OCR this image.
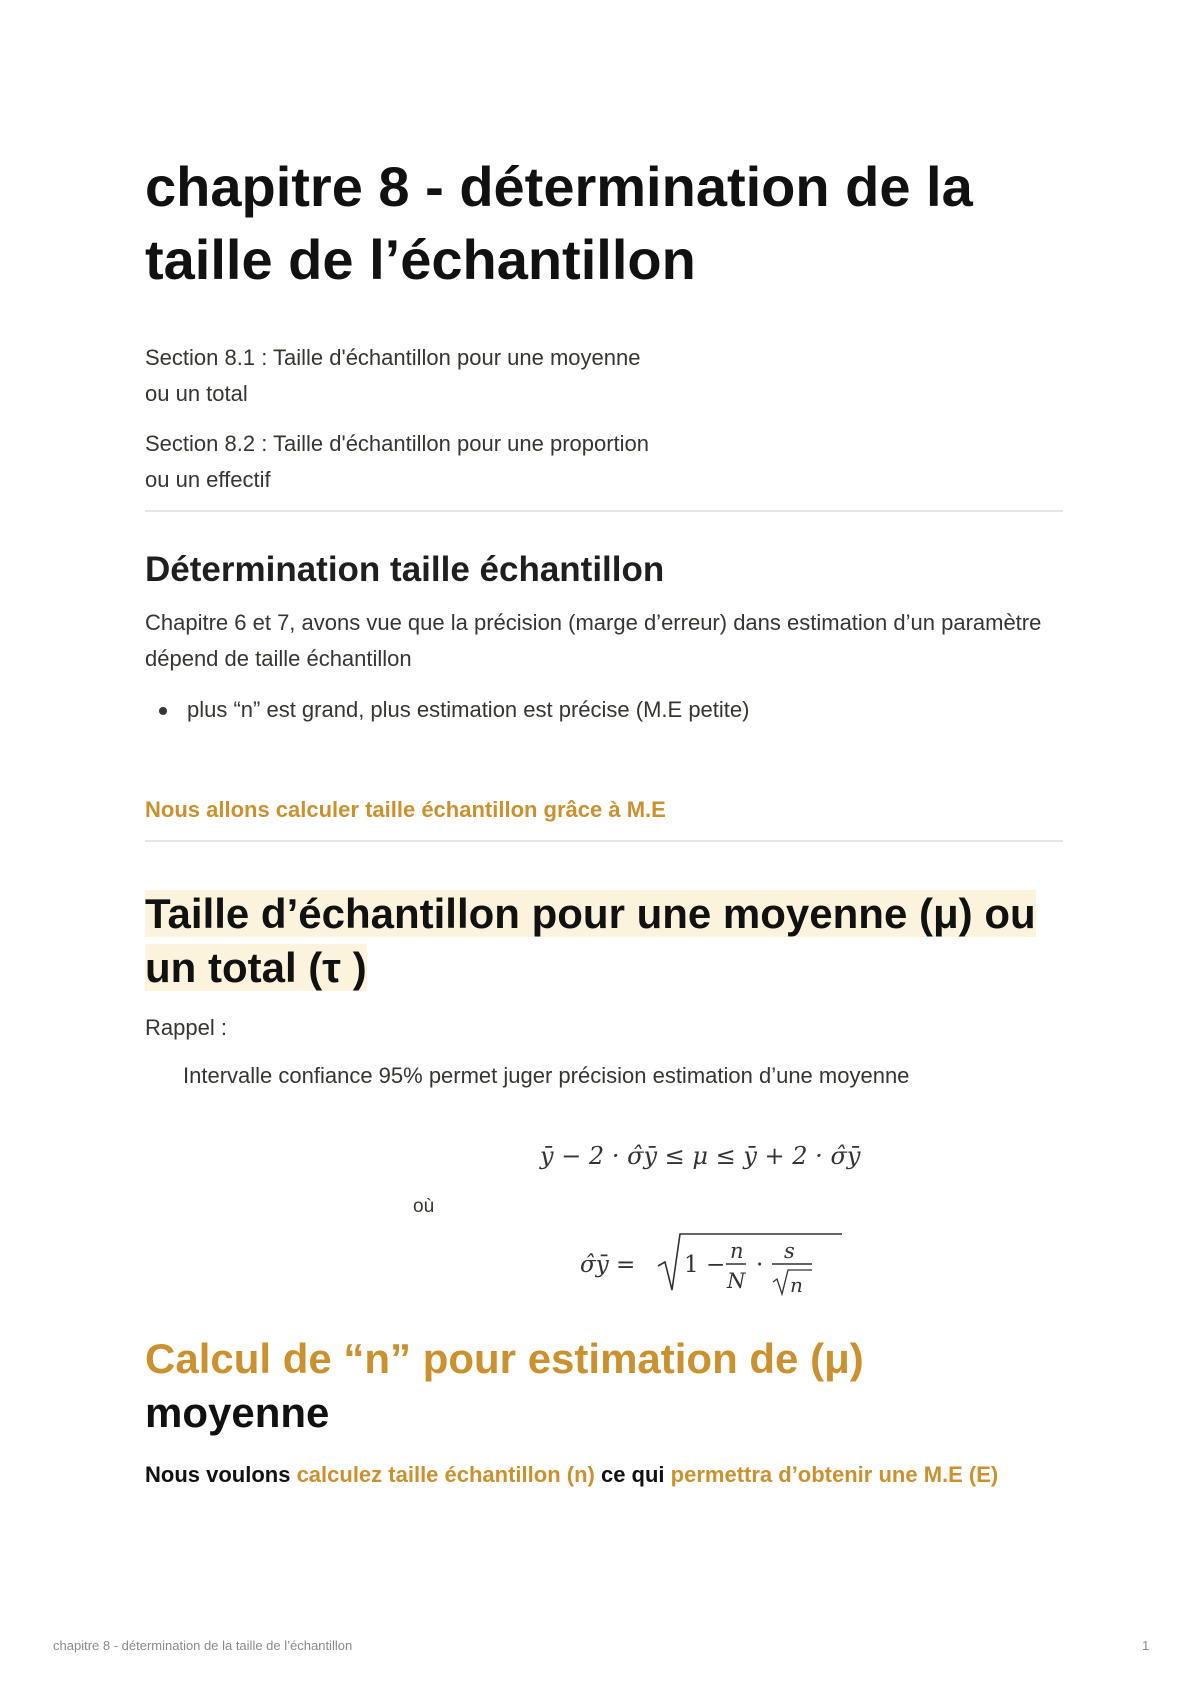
chapitre 8 - détermination de la taille de l’échantillon
Section 8.1 : Taille d'échantillon pour une moyenne
ou un total
Section 8.2 : Taille d'échantillon pour une proportion
ou un effectif
Détermination taille échantillon
Chapitre 6 et 7, avons vue que la précision (marge d’erreur) dans estimation d’un paramètre dépend de taille échantillon
plus “n” est grand, plus estimation est précise (M.E petite)
Nous allons calculer taille échantillon grâce à M.E
Taille d’échantillon pour une moyenne (μ) ou un total (τ )
Rappel :
Intervalle confiance 95% permet juger précision estimation d’une moyenne
ȳ − 2 · σ̂ȳ ≤ μ ≤ ȳ + 2 · σ̂ȳ
où
σ̂ȳ = 1 −
n
N
·
s
n
Calcul de “n” pour estimation de (μ)
moyenne
Nous voulons calculez taille échantillon (n) ce qui permettra d’obtenir une M.E (E)
chapitre 8 - détermination de la taille de l’échantillon	1
